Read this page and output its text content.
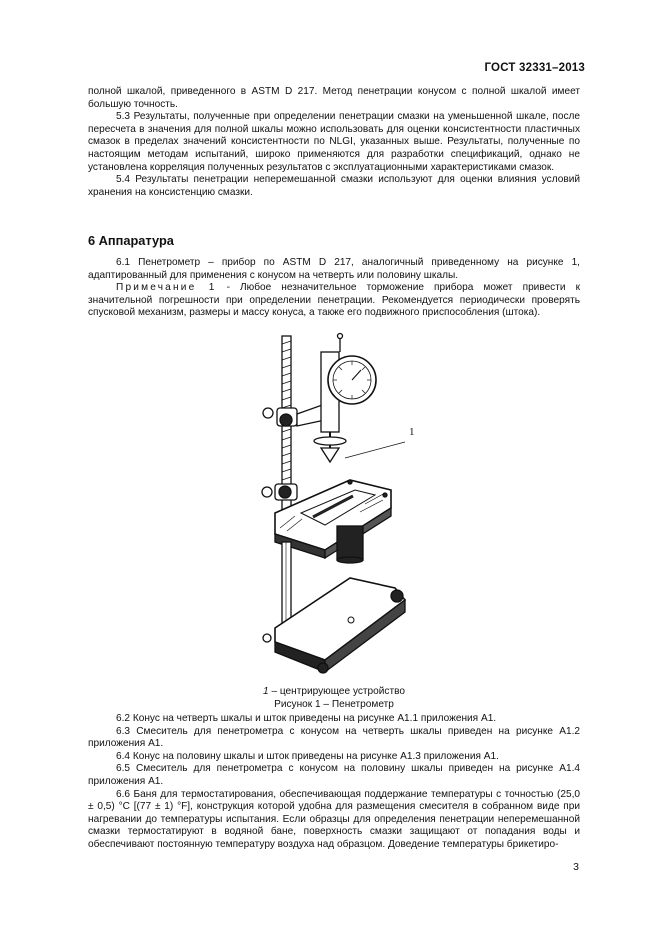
ГОСТ 32331–2013

полной шкалой, приведенного в ASTM D 217. Метод пенетрации конусом с полной шкалой имеет большую точность.

5.3 Результаты, полученные при определении пенетрации смазки на уменьшенной шкале, после пересчета в значения для полной шкалы можно использовать для оценки консистентности пластичных смазок в пределах значений консистентности по NLGI, указанных выше. Результаты, полученные по настоящим методам испытаний, широко применяются для разработки спецификаций, однако не установлена корреляция полученных результатов с эксплуатационными характеристиками смазок.

5.4 Результаты пенетрации неперемешанной смазки используют для оценки влияния условий хранения на консистенцию смазки.

6 Аппаратура

6.1 Пенетрометр – прибор по ASTM D 217, аналогичный приведенному на рисунке 1, адаптированный для применения с конусом на четверть или половину шкалы.

Примечание 1 - Любое незначительное торможение прибора может привести к значительной погрешности при определении пенетрации. Рекомендуется периодически проверять спусковой механизм, размеры и массу конуса, а также его подвижного приспособления (штока).

1
1 – центрирующее устройство
Рисунок 1 – Пенетрометр

6.2 Конус на четверть шкалы и шток приведены на рисунке А1.1 приложения А1.

6.3 Смеситель для пенетрометра с конусом на четверть шкалы приведен на рисунке А1.2 приложения А1.

6.4 Конус на половину шкалы и шток приведены на рисунке А1.3 приложения А1.

6.5 Смеситель для пенетрометра с конусом на половину шкалы приведен на рисунке А1.4 приложения А1.

6.6 Баня для термостатирования, обеспечивающая поддержание температуры с точностью (25,0 ± 0,5) °С [(77 ± 1) °F], конструкция которой удобна для размещения смесителя в собранном виде при нагревании до температуры испытания. Если образцы для определения пенетрации неперемешанной смазки термостатируют в водяной бане, поверхность смазки защищают от попадания воды и обеспечивают постоянную температуру воздуха над образцом. Доведение температуры брикетиро-

3
